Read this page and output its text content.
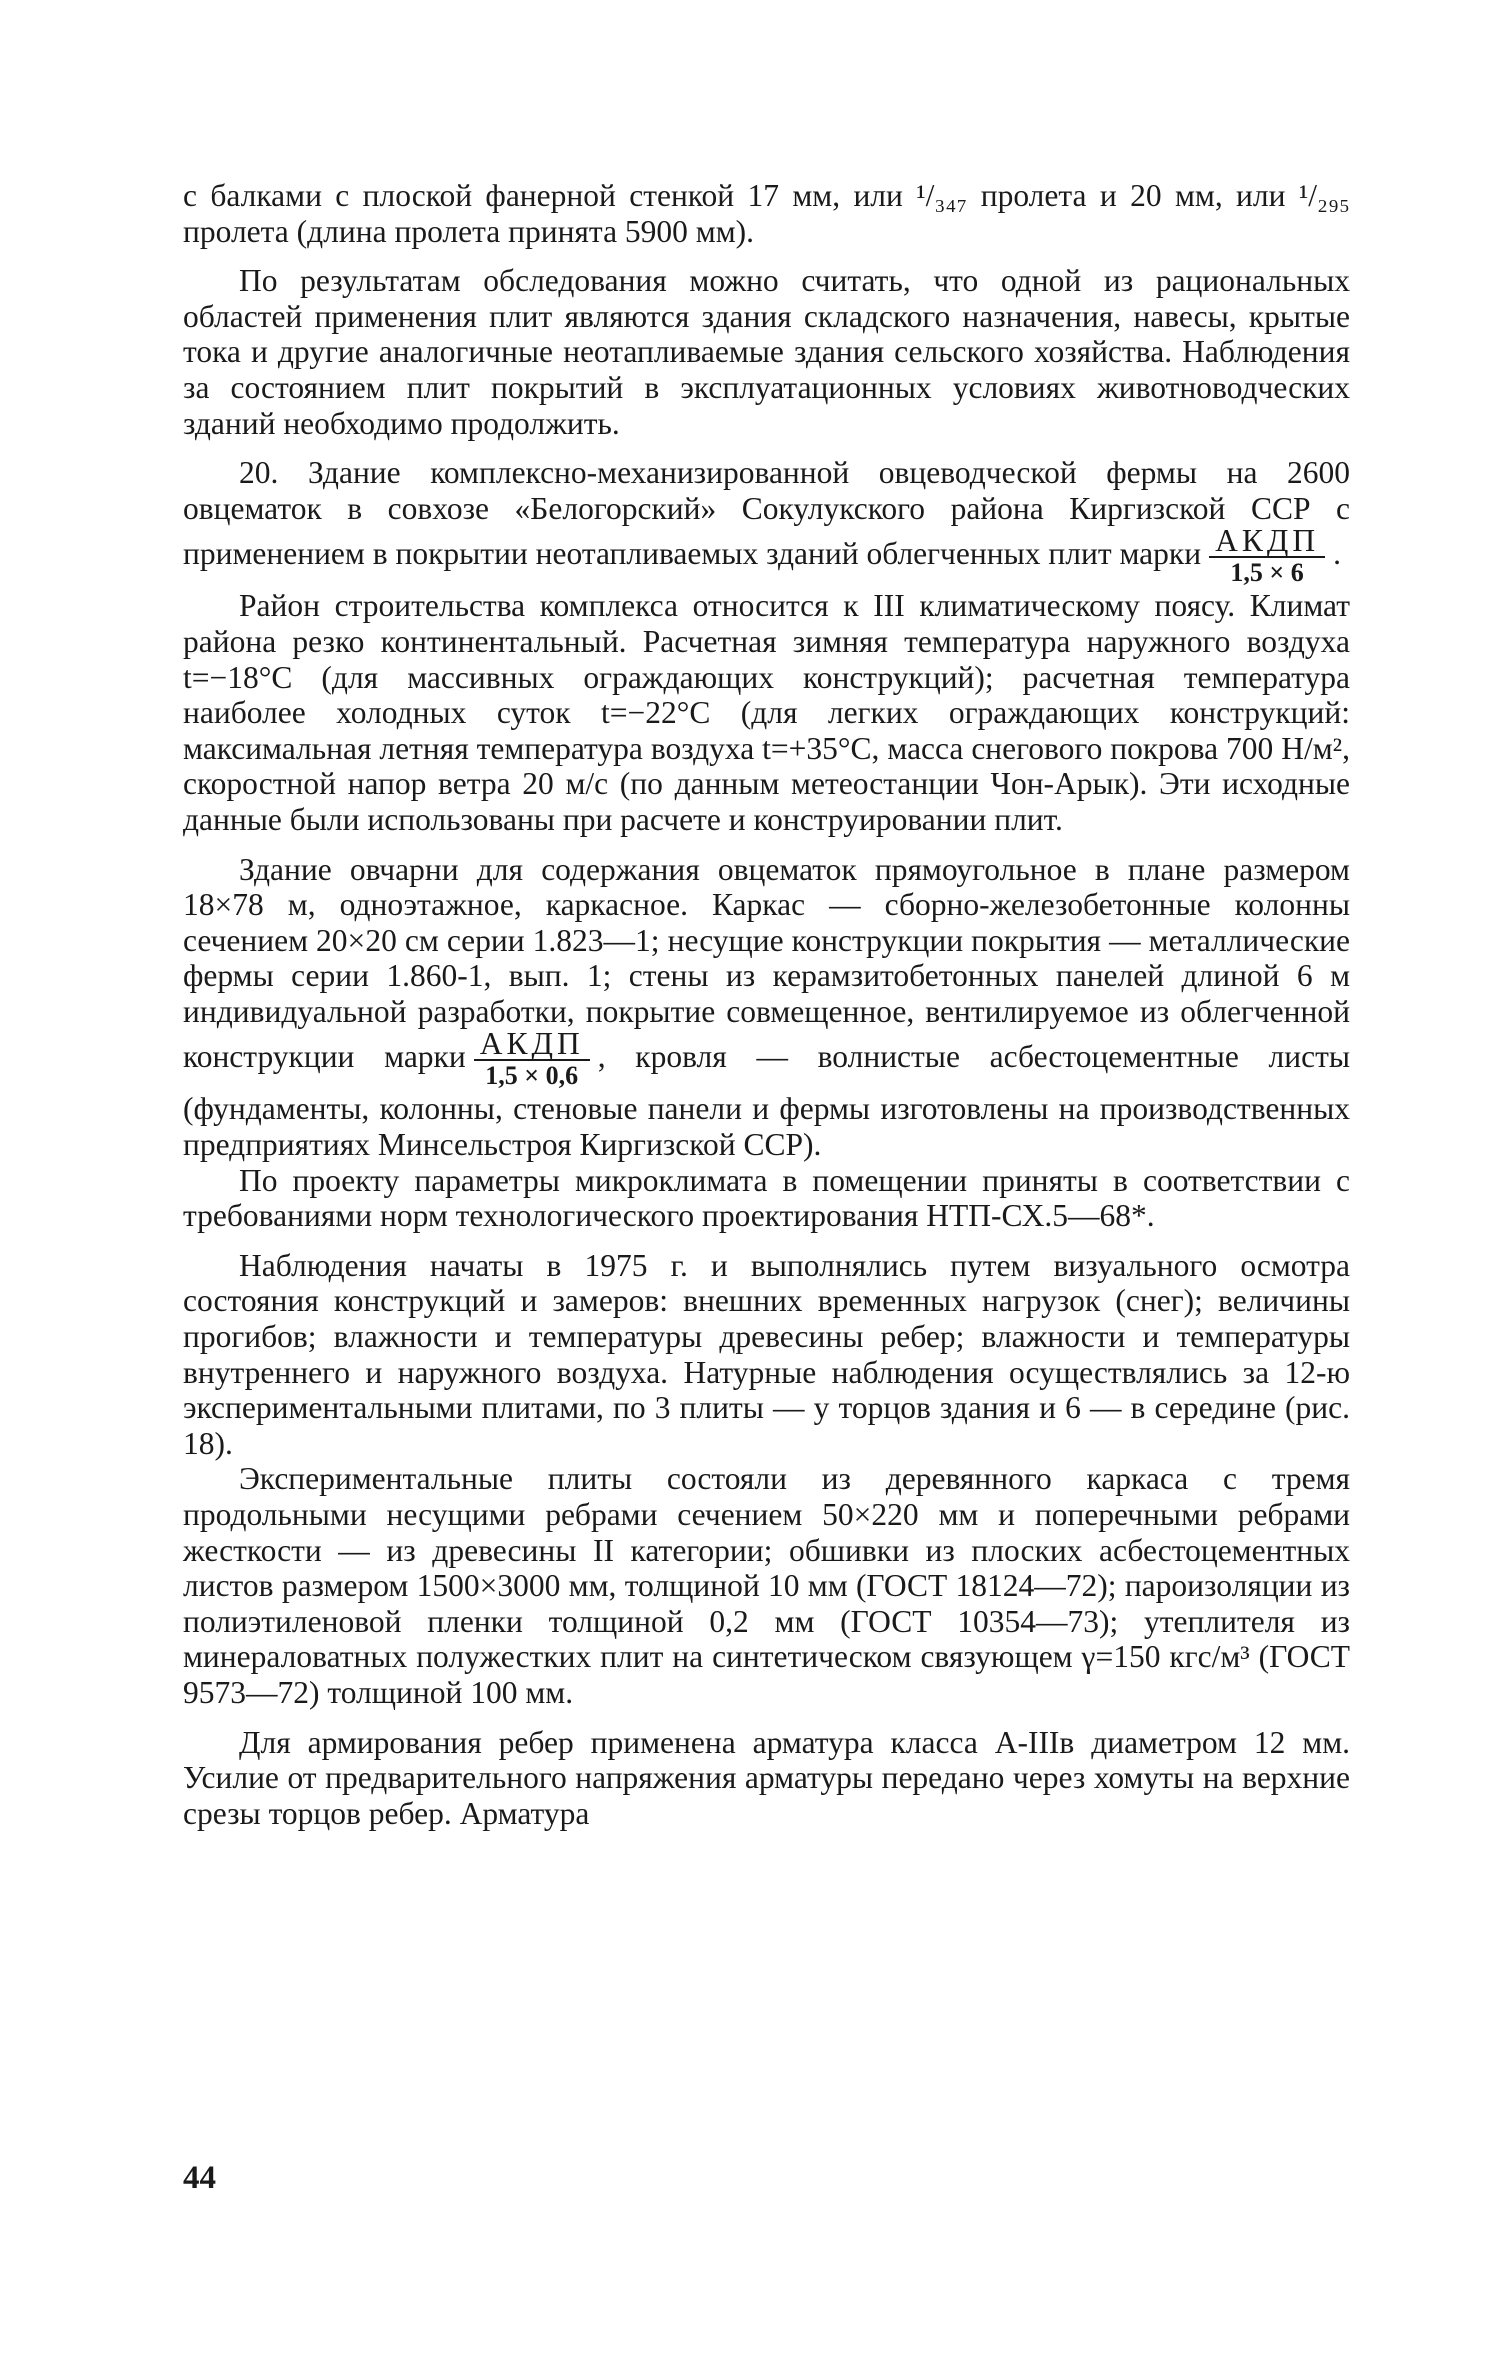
с балками с плоской фанерной стенкой 17 мм, или ¹/₃₄₇ пролета и 20 мм, или ¹/₂₉₅ пролета (длина пролета принята 5900 мм).

По результатам обследования можно считать, что одной из рациональных областей применения плит являются здания складского назначения, навесы, крытые тока и другие аналогичные неотапливаемые здания сельского хозяйства. Наблюдения за состоянием плит покрытий в эксплуатационных условиях животноводческих зданий необходимо продолжить.

20. Здание комплексно-механизированной овцеводческой фермы на 2600 овцематок в совхозе «Белогорский» Сокулукского района Киргизской ССР с применением в покрытии неотапливаемых зданий облегченных плит марки $\frac{\text{АКДП}}{1,5 \times 6}$ .

Район строительства комплекса относится к III климатическому поясу. Климат района резко континентальный. Расчетная зимняя температура наружного воздуха t=−18°C (для массивных ограждающих конструкций); расчетная температура наиболее холодных суток t=−22°C (для легких ограждающих конструкций: максимальная летняя температура воздуха t=+35°C, масса снегового покрова 700 Н/м², скоростной напор ветра 20 м/с (по данным метеостанции Чон-Арык). Эти исходные данные были использованы при расчете и конструировании плит.

Здание овчарни для содержания овцематок прямоугольное в плане размером 18×78 м, одноэтажное, каркасное. Каркас — сборно-железобетонные колонны сечением 20×20 см серии 1.823—1; несущие конструкции покрытия — металлические фермы серии 1.860-1, вып. 1; стены из керамзитобетонных панелей длиной 6 м индивидуальной разработки, покрытие совмещенное, вентилируемое из облегченной конструкции марки $\frac{\text{АКДП}}{1,5 \times 0,6}$ , кровля — волнистые асбестоцементные листы (фундаменты, колонны, стеновые панели и фермы изготовлены на производственных предприятиях Минсельстроя Киргизской ССР).

По проекту параметры микроклимата в помещении приняты в соответствии с требованиями норм технологического проектирования НТП-СХ.5—68*.

Наблюдения начаты в 1975 г. и выполнялись путем визуального осмотра состояния конструкций и замеров: внешних временных нагрузок (снег); величины прогибов; влажности и температуры древесины ребер; влажности и температуры внутреннего и наружного воздуха. Натурные наблюдения осуществлялись за 12-ю экспериментальными плитами, по 3 плиты — у торцов здания и 6 — в середине (рис. 18).

Экспериментальные плиты состояли из деревянного каркаса с тремя продольными несущими ребрами сечением 50×220 мм и поперечными ребрами жесткости — из древесины II категории; обшивки из плоских асбестоцементных листов размером 1500×3000 мм, толщиной 10 мм (ГОСТ 18124—72); пароизоляции из полиэтиленовой пленки толщиной 0,2 мм (ГОСТ 10354—73); утеплителя из минераловатных полужестких плит на синтетическом связующем γ=150 кгс/м³ (ГОСТ 9573—72) толщиной 100 мм.

Для армирования ребер применена арматура класса A-IIIв диаметром 12 мм. Усилие от предварительного напряжения арматуры передано через хомуты на верхние срезы торцов ребер. Арматура

44
